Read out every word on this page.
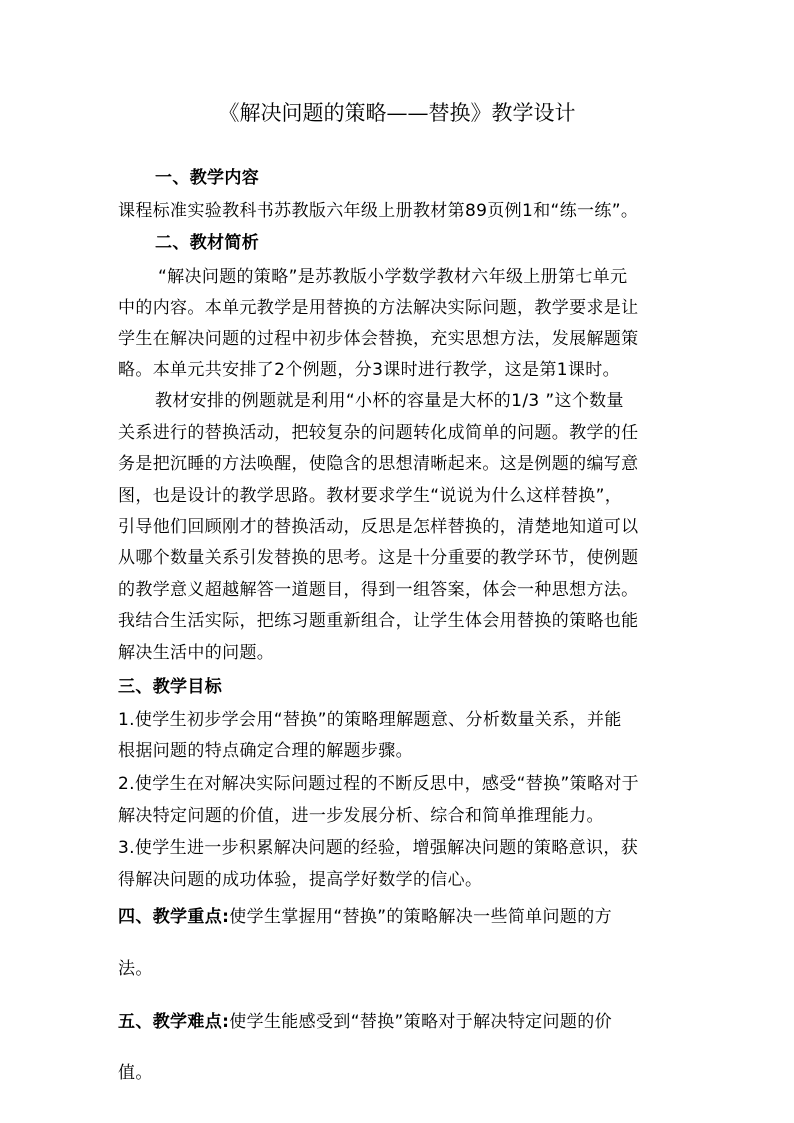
《解决问题的策略——替换》教学设计
一、教学内容
课程标准实验教科书苏教版六年级上册教材第89页例1和“练一练”。
二、教材简析
“解决问题的策略”是苏教版小学数学教材六年级上册第七单元
中的内容。本单元教学是用替换的方法解决实际问题，教学要求是让
学生在解决问题的过程中初步体会替换，充实思想方法，发展解题策
略。本单元共安排了2个例题，分3课时进行教学，这是第1课时。
教材安排的例题就是利用“小杯的容量是大杯的1/3 ”这个数量
关系进行的替换活动，把较复杂的问题转化成简单的问题。教学的任
务是把沉睡的方法唤醒，使隐含的思想清晰起来。这是例题的编写意
图，也是设计的教学思路。教材要求学生“说说为什么这样替换”，
引导他们回顾刚才的替换活动，反思是怎样替换的，清楚地知道可以
从哪个数量关系引发替换的思考。这是十分重要的教学环节，使例题
的教学意义超越解答一道题目，得到一组答案，体会一种思想方法。
我结合生活实际，把练习题重新组合，让学生体会用替换的策略也能
解决生活中的问题。
三、教学目标
1.使学生初步学会用“替换”的策略理解题意、分析数量关系，并能
根据问题的特点确定合理的解题步骤。
2.使学生在对解决实际问题过程的不断反思中，感受“替换”策略对于
解决特定问题的价值，进一步发展分析、综合和简单推理能力。
3.使学生进一步积累解决问题的经验，增强解决问题的策略意识，获
得解决问题的成功体验，提高学好数学的信心。
四、教学重点:使学生掌握用“替换”的策略解决一些简单问题的方
法。
五、教学难点:使学生能感受到“替换”策略对于解决特定问题的价
值。
